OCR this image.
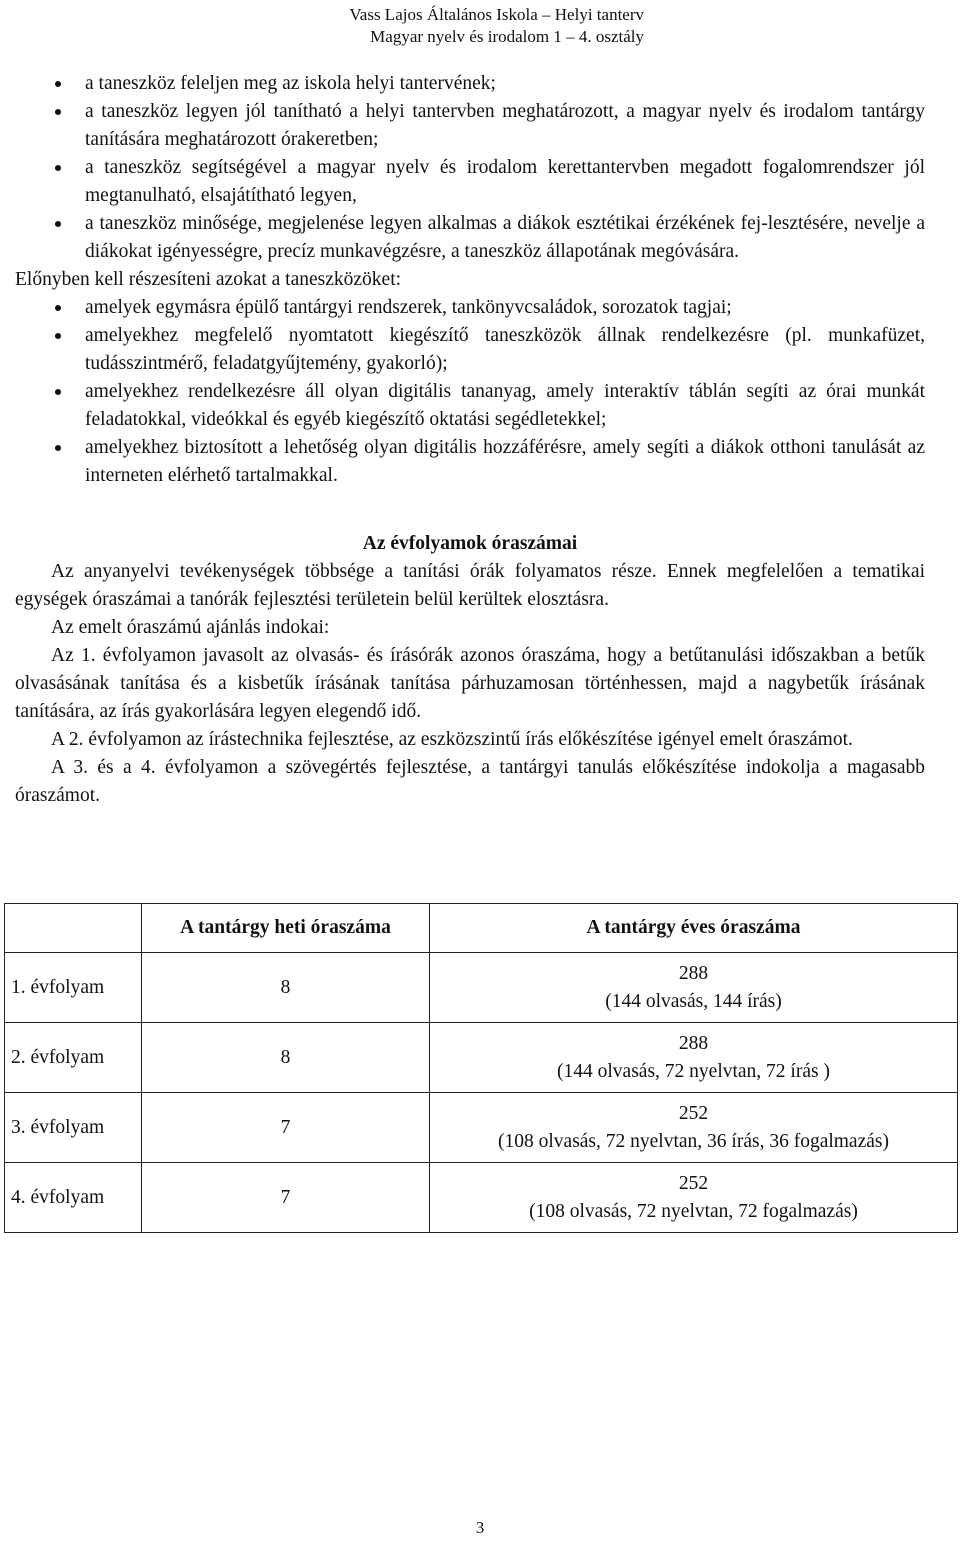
Vass Lajos Általános Iskola – Helyi tanterv
Magyar nyelv és irodalom 1 – 4. osztály
a taneszköz feleljen meg az iskola helyi tantervének;
a taneszköz legyen jól tanítható a helyi tantervben meghatározott, a magyar nyelv és irodalom tantárgy tanítására meghatározott órakeretben;
a taneszköz segítségével a magyar nyelv és irodalom kerettantervben megadott fogalomrendszer jól megtanulható, elsajátítható legyen,
a taneszköz minősége, megjelenése legyen alkalmas a diákok esztétikai érzékének fej-lesztésére, nevelje a diákokat igényességre, precíz munkavégzésre, a taneszköz állapotának megóvására.

Előnyben kell részesíteni azokat a taneszközöket:

amelyek egymásra épülő tantárgyi rendszerek, tankönyvcsaládok, sorozatok tagjai;
amelyekhez megfelelő nyomtatott kiegészítő taneszközök állnak rendelkezésre (pl. munkafüzet, tudásszintmérő, feladatgyűjtemény, gyakorló);
amelyekhez rendelkezésre áll olyan digitális tananyag, amely interaktív táblán segíti az órai munkát feladatokkal, videókkal és egyéb kiegészítő oktatási segédletekkel;
amelyekhez biztosított a lehetőség olyan digitális hozzáférésre, amely segíti a diákok otthoni tanulását az interneten elérhető tartalmakkal.
Az évfolyamok óraszámai

Az anyanyelvi tevékenységek többsége a tanítási órák folyamatos része. Ennek megfelelően a tematikai egységek óraszámai a tanórák fejlesztési területein belül kerültek elosztásra.

Az emelt óraszámú ajánlás indokai:

Az 1. évfolyamon javasolt az olvasás- és írásórák azonos óraszáma, hogy a betűtanulási időszakban a betűk olvasásának tanítása és a kisbetűk írásának tanítása párhuzamosan történhessen, majd a nagybetűk írásának tanítására, az írás gyakorlására legyen elegendő idő.

A 2. évfolyamon az írástechnika fejlesztése, az eszközszintű írás előkészítése igényel emelt óraszámot.

A 3. és a 4. évfolyamon a szövegértés fejlesztése, a tantárgyi tanulás előkészítése indokolja a magasabb óraszámot.

	A tantárgy heti óraszáma	A tantárgy éves óraszáma
1. évfolyam	8	288
(144 olvasás, 144 írás)

2. évfolyam	8	288
(144 olvasás, 72 nyelvtan, 72 írás )

3. évfolyam	7	252
(108 olvasás, 72 nyelvtan, 36 írás, 36 fogalmazás)

4. évfolyam	7	252
(108 olvasás, 72 nyelvtan, 72 fogalmazás)
3
